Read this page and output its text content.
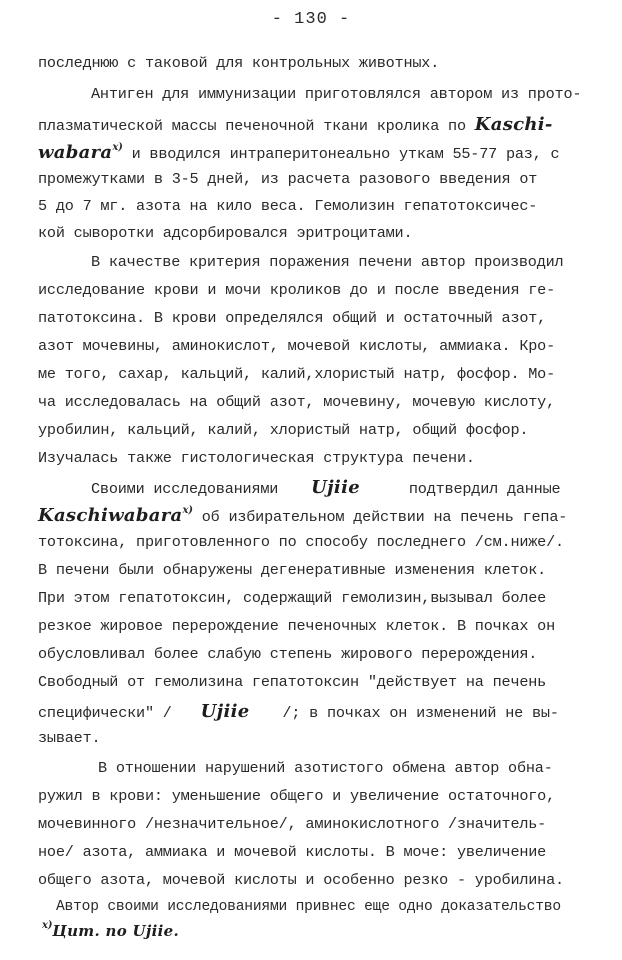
- 130 -
последнюю с таковой для контрольных животных.
Антиген для иммунизации приготовлялся автором из прото-
плазматической массы печеночной ткани кролика по Kaschi-
wabara$^{x)}$ и вводился интраперитонеально уткам 55-77 раз, с
промежутками в 3-5 дней, из расчета разового введения от
5 до 7 мг. азота на кило веса. Гемолизин гепатотоксичес-
кой сыворотки адсорбировался эритроцитами.
В качестве критерия поражения печени автор производил
исследование крови и мочи кроликов до и после введения ге-
патотоксина. В крови определялся общий и остаточный азот,
азот мочевины, аминокислот, мочевой кислоты, аммиака. Кро-
ме того, сахар, кальций, калий,хлористый натр, фосфор. Мо-
ча исследовалась на общий азот, мочевину, мочевую кислоту,
уробилин, кальций, калий, хлористый натр, общий фосфор.
Изучалась также гистологическая структура печени.
Своими исследованиями Ujiie	подтвердил данные
Kaschiwabara$^{x)}$ об избирательном действии на печень гепа-
тотоксина, приготовленного по способу последнего /см.ниже/.
В печени были обнаружены дегенеративные изменения клеток.
При этом гепатотоксин, содержащий гемолизин,вызывал более
резкое жировое перерождение печеночных клеток. В почках он
обусловливал более слабую степень жирового перерождения.
Свободный от гемолизина гепатотоксин "действует на печень
специфически" / Ujiie /; в почках он изменений не вы-
зывает.
В отношении нарушений азотистого обмена автор обна-
ружил в крови: уменьшение общего и увеличение остаточного,
мочевинного /незначительное/, аминокислотного /значитель-
ное/ азота, аммиака и мочевой кислоты. В моче: увеличение
общего азота, мочевой кислоты и особенно резко - уробилина.
Автор своими исследованиями привнес еще одно доказательство
$^{x)}$Цит. по Ujiie.
